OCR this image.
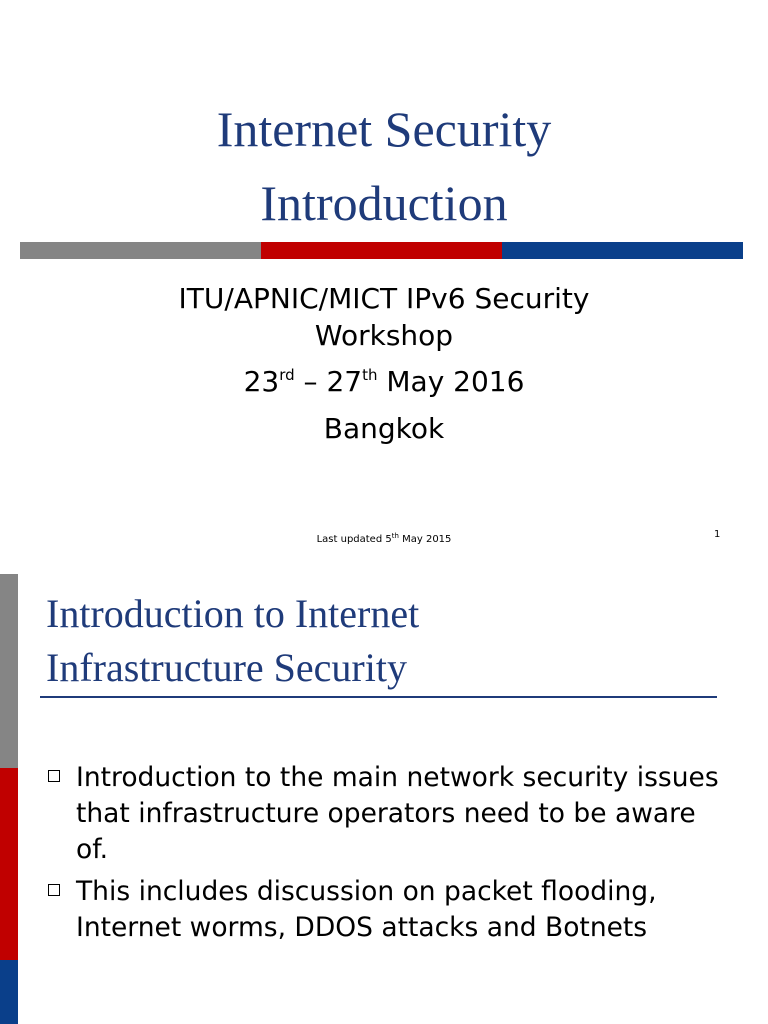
Internet Security
Introduction
ITU/APNIC/MICT IPv6 Security
Workshop
23rd – 27th May 2016
Bangkok
Last updated 5th May 2015	1
Introduction to Internet
Infrastructure Security
Introduction to the main network security issues that infrastructure operators need to be aware of.
This includes discussion on packet flooding, Internet worms, DDOS attacks and Botnets
